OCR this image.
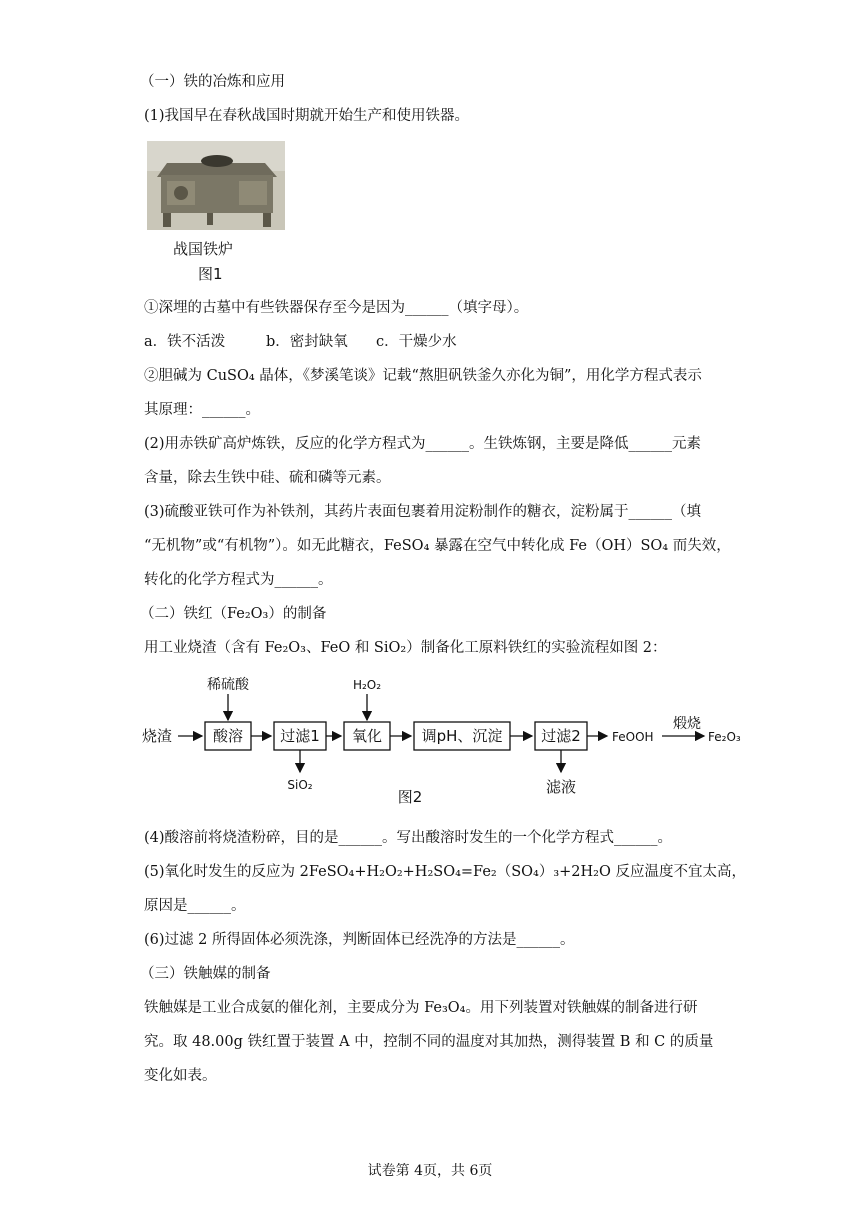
（一）铁的冶炼和应用
(1)我国早在春秋战国时期就开始生产和使用铁器。
战国铁炉
图1
①深埋的古墓中有些铁器保存至今是因为______（填字母）。
a．铁不活泼	b．密封缺氧 c．干燥少水
②胆碱为 CuSO₄ 晶体，《梦溪笔谈》记载“熬胆矾铁釜久亦化为铜”，用化学方程式表示
其原理：______。
(2)用赤铁矿高炉炼铁，反应的化学方程式为______。生铁炼钢，主要是降低______元素
含量，除去生铁中硅、硫和磷等元素。
(3)硫酸亚铁可作为补铁剂，其药片表面包裹着用淀粉制作的糖衣，淀粉属于______（填
“无机物”或“有机物”）。如无此糖衣，FeSO₄ 暴露在空气中转化成 Fe（OH）SO₄ 而失效，
转化的化学方程式为______。
（二）铁红（Fe₂O₃）的制备
用工业烧渣（含有 Fe₂O₃、FeO 和 SiO₂）制备化工原料铁红的实验流程如图 2：
烧渣	酸溶
稀硫酸
过滤1
SiO₂
氧化
H₂O₂
调pH、沉淀	过滤2
滤液
FeOOH
煅烧
Fe₂O₃
图2
(4)酸溶前将烧渣粉碎，目的是______。写出酸溶时发生的一个化学方程式______。
(5)氧化时发生的反应为 2FeSO₄+H₂O₂+H₂SO₄=Fe₂（SO₄）₃+2H₂O 反应温度不宜太高，
原因是______。
(6)过滤 2 所得固体必须洗涤，判断固体已经洗净的方法是______。
（三）铁触媒的制备
铁触媒是工业合成氨的催化剂，主要成分为 Fe₃O₄。用下列装置对铁触媒的制备进行研
究。取 48.00g 铁红置于装置 A 中，控制不同的温度对其加热，测得装置 B 和 C 的质量
变化如表。
试卷第 4页，共 6页
